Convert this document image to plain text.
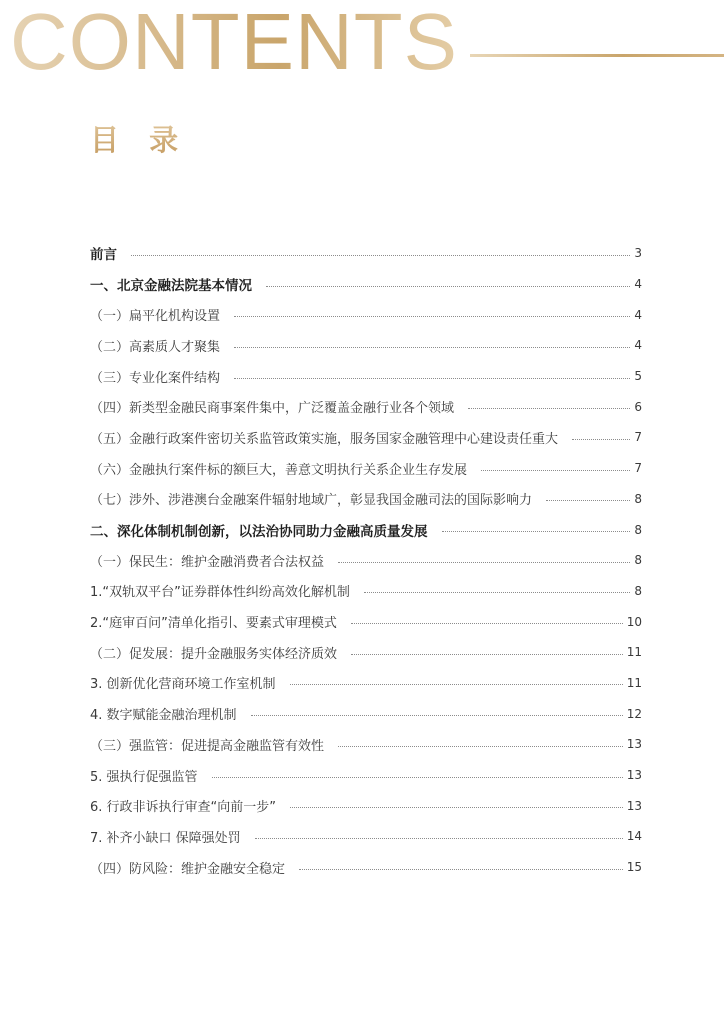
CONTENTS
目 录
前言	3
一、北京金融法院基本情况	4
（一）扁平化机构设置	4
（二）高素质人才聚集	4
（三）专业化案件结构	5
（四）新类型金融民商事案件集中，广泛覆盖金融行业各个领域	6
（五）金融行政案件密切关系监管政策实施，服务国家金融管理中心建设责任重大	7
（六）金融执行案件标的额巨大，善意文明执行关系企业生存发展	7
（七）涉外、涉港澳台金融案件辐射地域广，彰显我国金融司法的国际影响力	8
二、深化体制机制创新，以法治协同助力金融高质量发展	8
（一）保民生：维护金融消费者合法权益	8
1.“双轨双平台”证券群体性纠纷高效化解机制	8
2.“庭审百问”清单化指引、要素式审理模式	10
（二）促发展：提升金融服务实体经济质效	11
3. 创新优化营商环境工作室机制	11
4. 数字赋能金融治理机制	12
（三）强监管：促进提高金融监管有效性	13
5. 强执行促强监管	13
6. 行政非诉执行审查“向前一步”	13
7. 补齐小缺口 保障强处罚	14
（四）防风险：维护金融安全稳定	15
